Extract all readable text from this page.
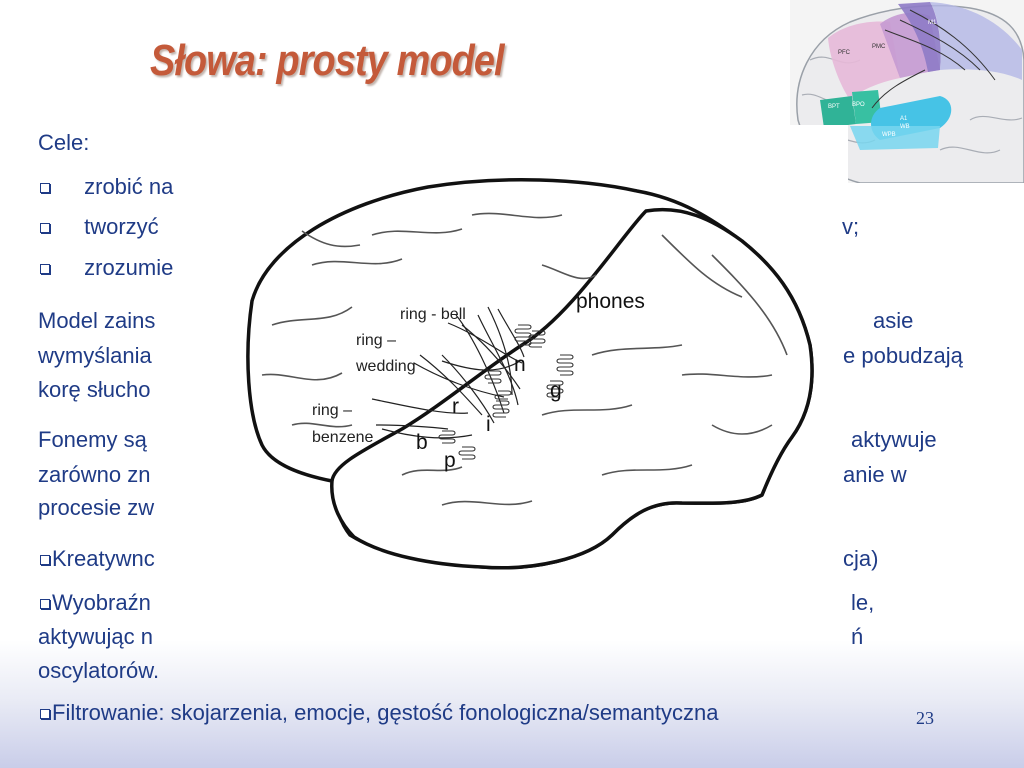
Słowa: prosty model
M1
PMC
PFC
BPT BPO
A1
WB
WPB
Cele:
zrobić na
tworzyć	v;
zrozumie
Model zains	asie
wymyślania	e pobudzają
korę słucho
Fonemy są	aktywuje
zarówno zn	anie w
procesie zw
Kreatywnc	cja)
Wyobraźn	le,
aktywując n	ń
oscylatorów.
Filtrowanie: skojarzenia, emocje, gęstość fonologiczna/semantyczna	23
phones
ring - bell
ring –
wedding
ring –
benzene
n
g
r
i
b
p
